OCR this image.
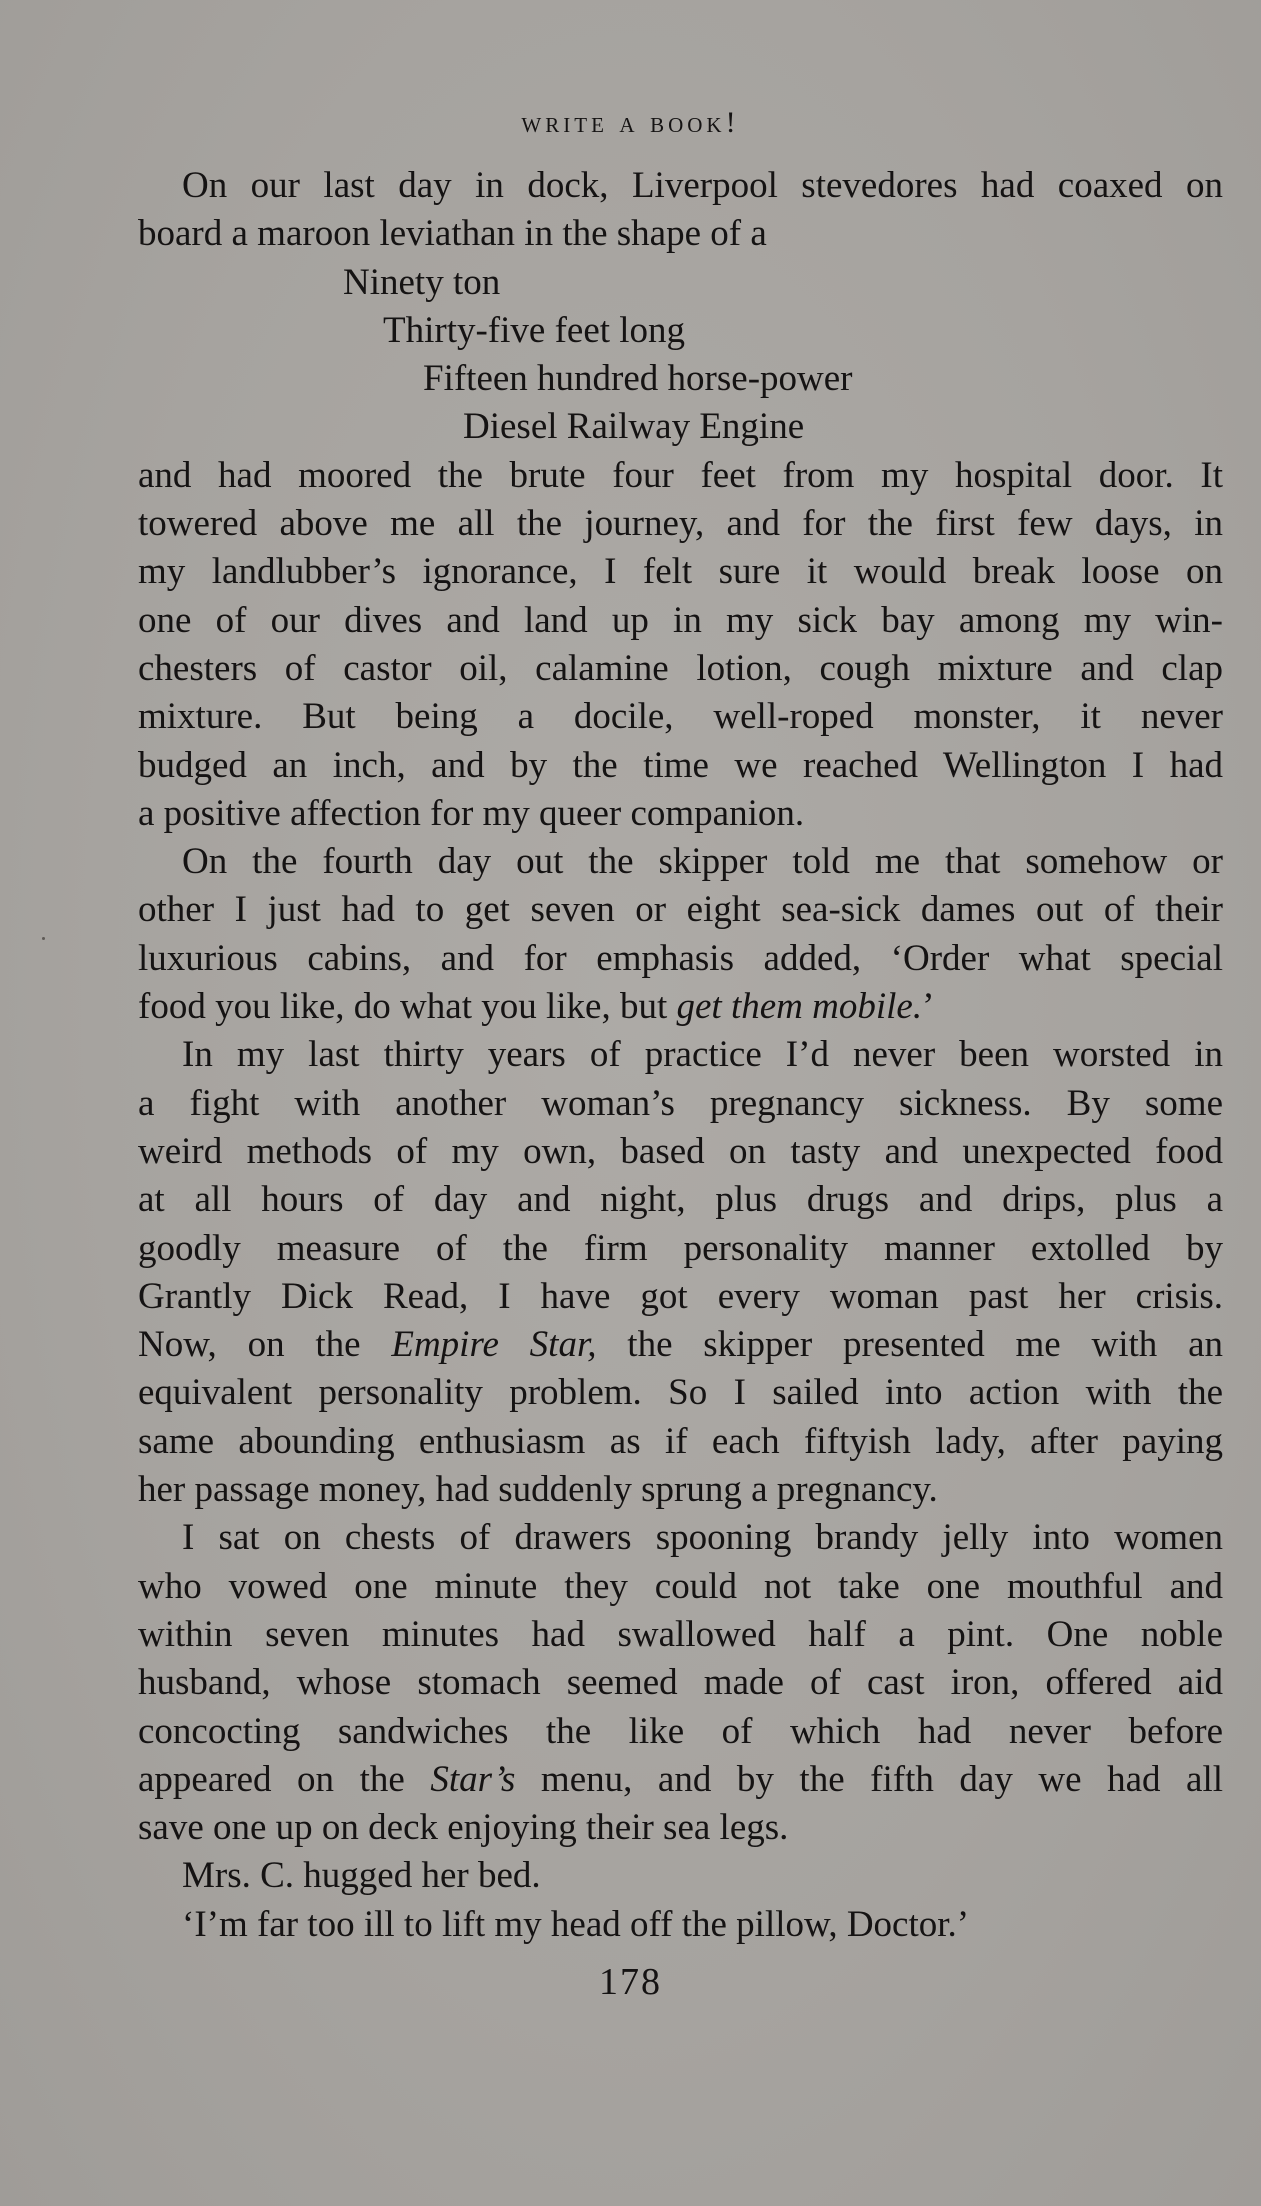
write a book!
On our last day in dock, Liverpool stevedores had coaxed on
board a maroon leviathan in the shape of a
Ninety ton
Thirty-five feet long
Fifteen hundred horse-power
Diesel Railway Engine
and had moored the brute four feet from my hospital door. It
towered above me all the journey, and for the first few days, in
my landlubber’s ignorance, I felt sure it would break loose on
one of our dives and land up in my sick bay among my win-
chesters of castor oil, calamine lotion, cough mixture and clap
mixture. But being a docile, well-roped monster, it never
budged an inch, and by the time we reached Wellington I had
a positive affection for my queer companion.
On the fourth day out the skipper told me that somehow or
other I just had to get seven or eight sea-sick dames out of their
luxurious cabins, and for emphasis added, ‘Order what special
food you like, do what you like, but get them mobile.’
In my last thirty years of practice I’d never been worsted in
a fight with another woman’s pregnancy sickness. By some
weird methods of my own, based on tasty and unexpected food
at all hours of day and night, plus drugs and drips, plus a
goodly measure of the firm personality manner extolled by
Grantly Dick Read, I have got every woman past her crisis.
Now, on the Empire Star, the skipper presented me with an
equivalent personality problem. So I sailed into action with the
same abounding enthusiasm as if each fiftyish lady, after paying
her passage money, had suddenly sprung a pregnancy.
I sat on chests of drawers spooning brandy jelly into women
who vowed one minute they could not take one mouthful and
within seven minutes had swallowed half a pint. One noble
husband, whose stomach seemed made of cast iron, offered aid
concocting sandwiches the like of which had never before
appeared on the Star’s menu, and by the fifth day we had all
save one up on deck enjoying their sea legs.
Mrs. C. hugged her bed.
‘I’m far too ill to lift my head off the pillow, Doctor.’
178
